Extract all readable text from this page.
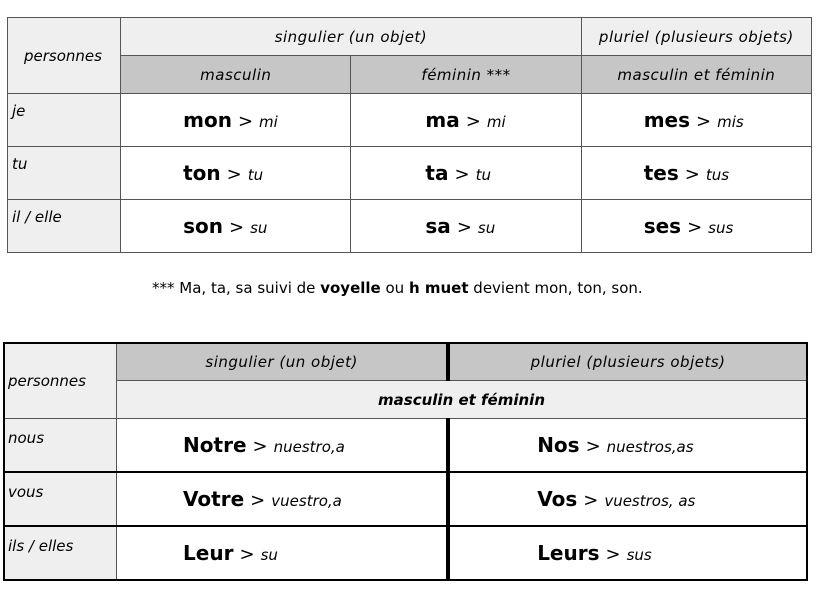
personnes	singulier (un objet)		pluriel (plusieurs objets)
	masculin	féminin ***	masculin et féminin
je	mon > mi	ma > mi	mes > mis
tu	ton > tu	ta > tu	tes > tus
il / elle	son > su	sa > su	ses > sus
*** Ma, ta, sa suivi de voyelle ou h muet devient mon, ton, son.
personnes	singulier (un objet)	pluriel (plusieurs objets)
	masculin et féminin	
nous	Notre > nuestro,a	Nos > nuestros,as
vous	Votre > vuestro,a	Vos > vuestros, as
ils / elles	Leur > su	Leurs > sus
